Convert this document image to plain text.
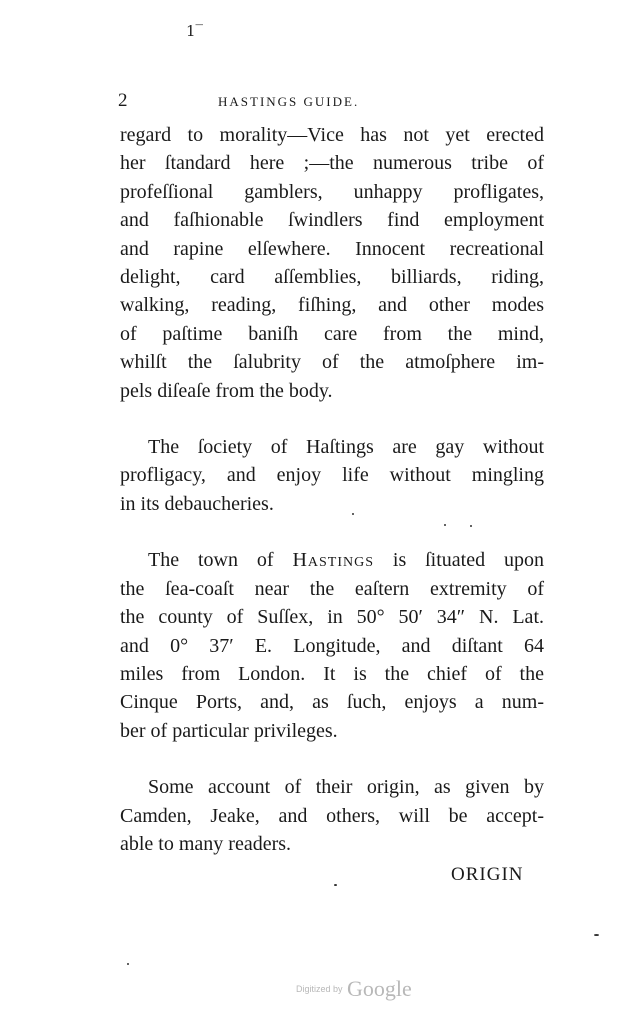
1‾
2	HASTINGS GUIDE.

regard to morality—Vice has not yet erected
her ſtandard here ;—the numerous tribe of
profeſſional gamblers, unhappy profligates,
and faſhionable ſwindlers find employment
and rapine elſewhere. Innocent recreational
delight, card aſſemblies, billiards, riding,
walking, reading, fiſhing, and other modes
of paſtime baniſh care from the mind,
whilſt the ſalubrity of the atmoſphere im-
pels diſeaſe from the body.

The ſociety of Haſtings are gay without
profligacy, and enjoy life without mingling
in its debaucheries.

The town of Hastings is ſituated upon
the ſea-coaſt near the eaſtern extremity of
the county of Suſſex, in 50° 50′ 34″ N. Lat.
and 0° 37′ E. Longitude, and diſtant 64
miles from London. It is the chief of the
Cinque Ports, and, as ſuch, enjoys a num-
ber of particular privileges.

Some account of their origin, as given by
Camden, Jeake, and others, will be accept-
able to many readers.

ORIGIN
Digitized by Google
